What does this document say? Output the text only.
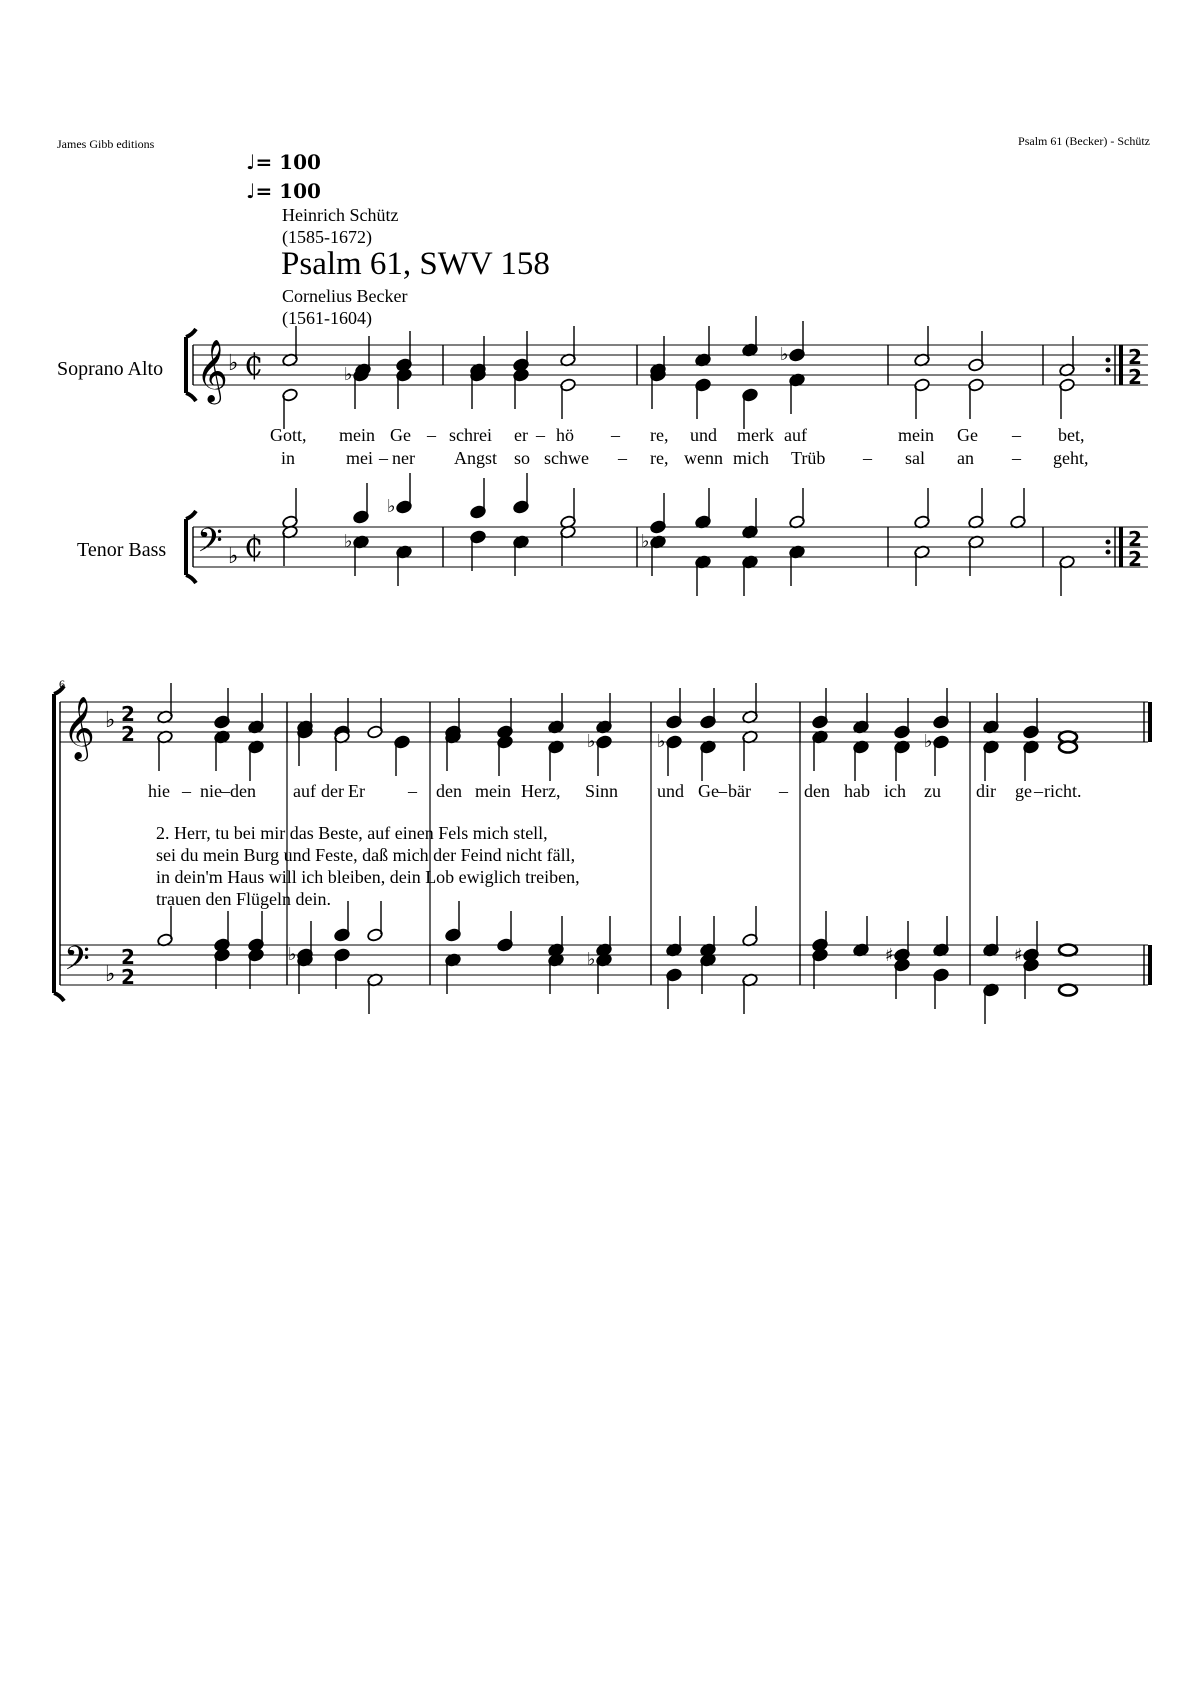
James Gibb editions	Psalm 61 (Becker) - Schütz
♩= 100
♩= 100
Heinrich Schütz
(1585-1672)
Psalm 61, SWV 158
Cornelius Becker
(1561-1604)
Soprano Alto
Tenor Bass
6
Gott, mein Ge – schrei er – hö – re, und merk auf	mein Ge – bet,
in	mei – ner Angst so schwe – re, wenn mich Trüb – sal an – geht,
hie – nie – den auf der Er – den mein Herz, Sinn und Ge – bär – den hab ich zu dir ge – richt.
2. Herr, tu bei mir das Beste, auf einen Fels mich stell,
sei du mein Burg und Feste, daß mich der Feind nicht fäll,
in dein'm Haus will ich bleiben, dein Lob ewiglich treiben,
trauen den Flügeln dein.
𝄞
𝄢
♭
♭
₵
₵
2
2
2
2
♭
♭
♭
♭	♭
𝄞
𝄢
♭
♭
2
2
2
2
♭	♭	♭
♭	♯	♯
♭
